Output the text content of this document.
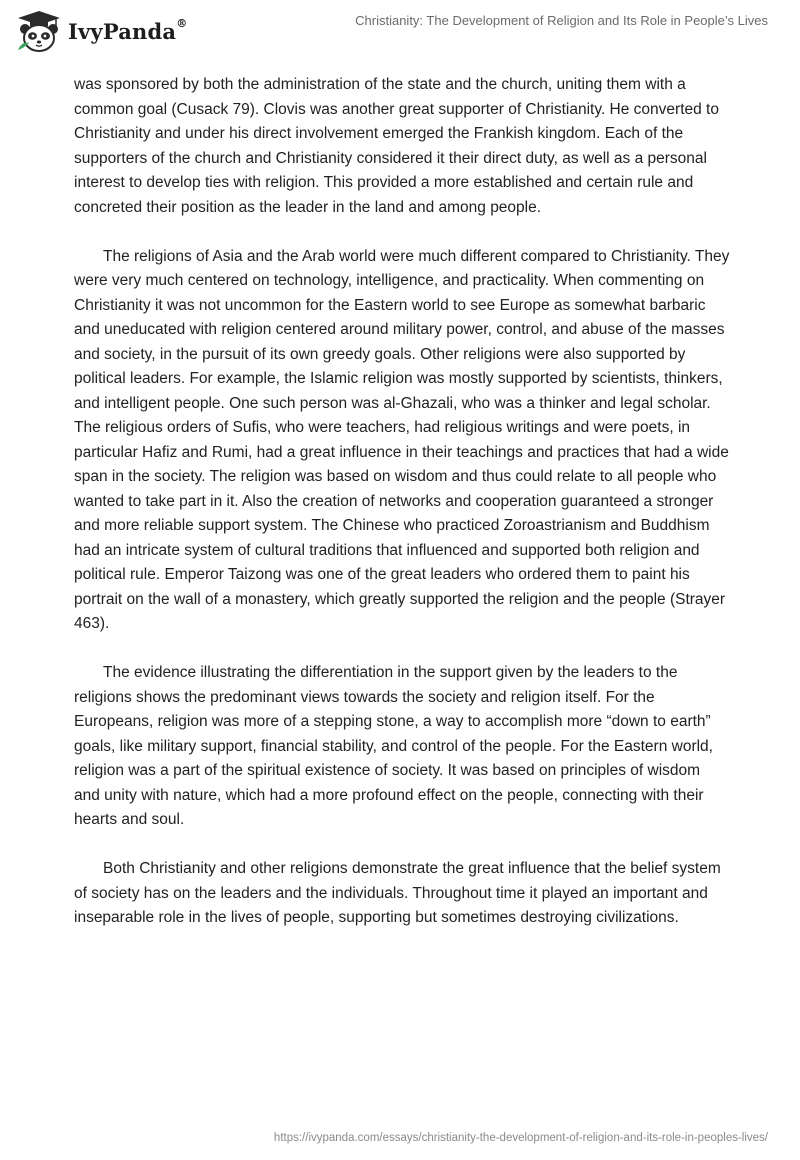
IvyPanda®	Christianity: The Development of Religion and Its Role in People’s Lives

was sponsored by both the administration of the state and the church, uniting them with a common goal (Cusack 79). Clovis was another great supporter of Christianity. He converted to Christianity and under his direct involvement emerged the Frankish kingdom. Each of the supporters of the church and Christianity considered it their direct duty, as well as a personal interest to develop ties with religion. This provided a more established and certain rule and concreted their position as the leader in the land and among people.

The religions of Asia and the Arab world were much different compared to Christianity. They were very much centered on technology, intelligence, and practicality. When commenting on Christianity it was not uncommon for the Eastern world to see Europe as somewhat barbaric and uneducated with religion centered around military power, control, and abuse of the masses and society, in the pursuit of its own greedy goals. Other religions were also supported by political leaders. For example, the Islamic religion was mostly supported by scientists, thinkers, and intelligent people. One such person was al-Ghazali, who was a thinker and legal scholar. The religious orders of Sufis, who were teachers, had religious writings and were poets, in particular Hafiz and Rumi, had a great influence in their teachings and practices that had a wide span in the society. The religion was based on wisdom and thus could relate to all people who wanted to take part in it. Also the creation of networks and cooperation guaranteed a stronger and more reliable support system. The Chinese who practiced Zoroastrianism and Buddhism had an intricate system of cultural traditions that influenced and supported both religion and political rule. Emperor Taizong was one of the great leaders who ordered them to paint his portrait on the wall of a monastery, which greatly supported the religion and the people (Strayer 463).

The evidence illustrating the differentiation in the support given by the leaders to the religions shows the predominant views towards the society and religion itself. For the Europeans, religion was more of a stepping stone, a way to accomplish more “down to earth” goals, like military support, financial stability, and control of the people. For the Eastern world, religion was a part of the spiritual existence of society. It was based on principles of wisdom and unity with nature, which had a more profound effect on the people, connecting with their hearts and soul.

Both Christianity and other religions demonstrate the great influence that the belief system of society has on the leaders and the individuals. Throughout time it played an important and inseparable role in the lives of people, supporting but sometimes destroying civilizations.

https://ivypanda.com/essays/christianity-the-development-of-religion-and-its-role-in-peoples-lives/
